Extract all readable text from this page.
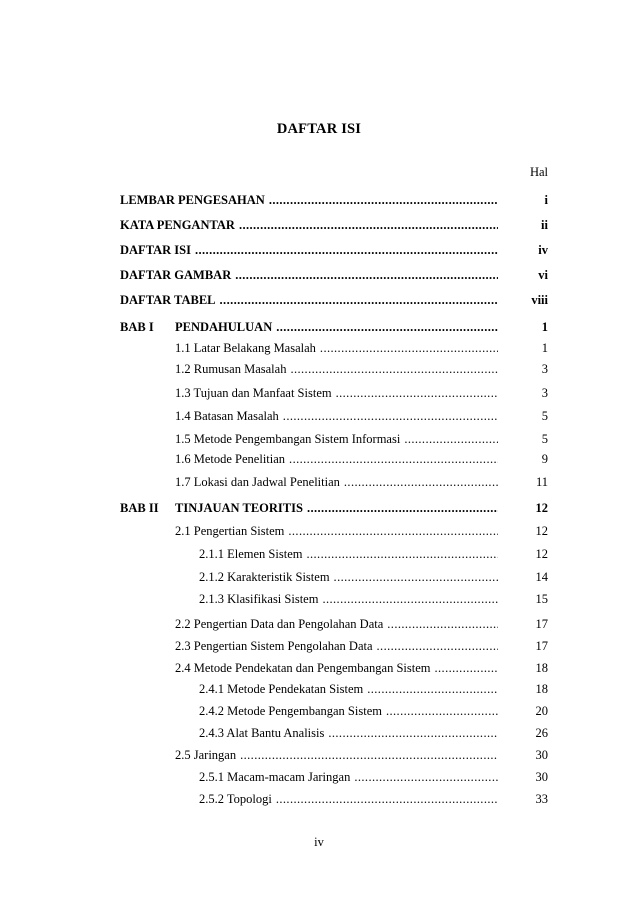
DAFTAR ISI
Hal
LEMBAR PENGESAHAN .....	i
KATA PENGANTAR .....	ii
DAFTAR ISI .....	iv
DAFTAR GAMBAR .....	vi
DAFTAR TABEL .....	viii
BAB I PENDAHULUAN .....	1
1.1 Latar Belakang Masalah .....	1
1.2 Rumusan Masalah .....	3
1.3 Tujuan dan Manfaat Sistem .....	3
1.4 Batasan Masalah .....	5
1.5 Metode Pengembangan Sistem Informasi .....	5
1.6 Metode Penelitian .....	9
1.7 Lokasi dan Jadwal Penelitian .....	11
BAB II TINJAUAN TEORITIS .....	12
2.1 Pengertian Sistem .....	12
2.1.1 Elemen Sistem .....	12
2.1.2 Karakteristik Sistem .....	14
2.1.3 Klasifikasi Sistem .....	15
2.2 Pengertian Data dan Pengolahan Data .....	17
2.3 Pengertian Sistem Pengolahan Data .....	17
2.4 Metode Pendekatan dan Pengembangan Sistem .....	18
2.4.1 Metode Pendekatan Sistem .....	18
2.4.2 Metode Pengembangan Sistem .....	20
2.4.3 Alat Bantu Analisis .....	26
2.5 Jaringan .....	30
2.5.1 Macam-macam Jaringan .....	30
2.5.2 Topologi .....	33
iv
